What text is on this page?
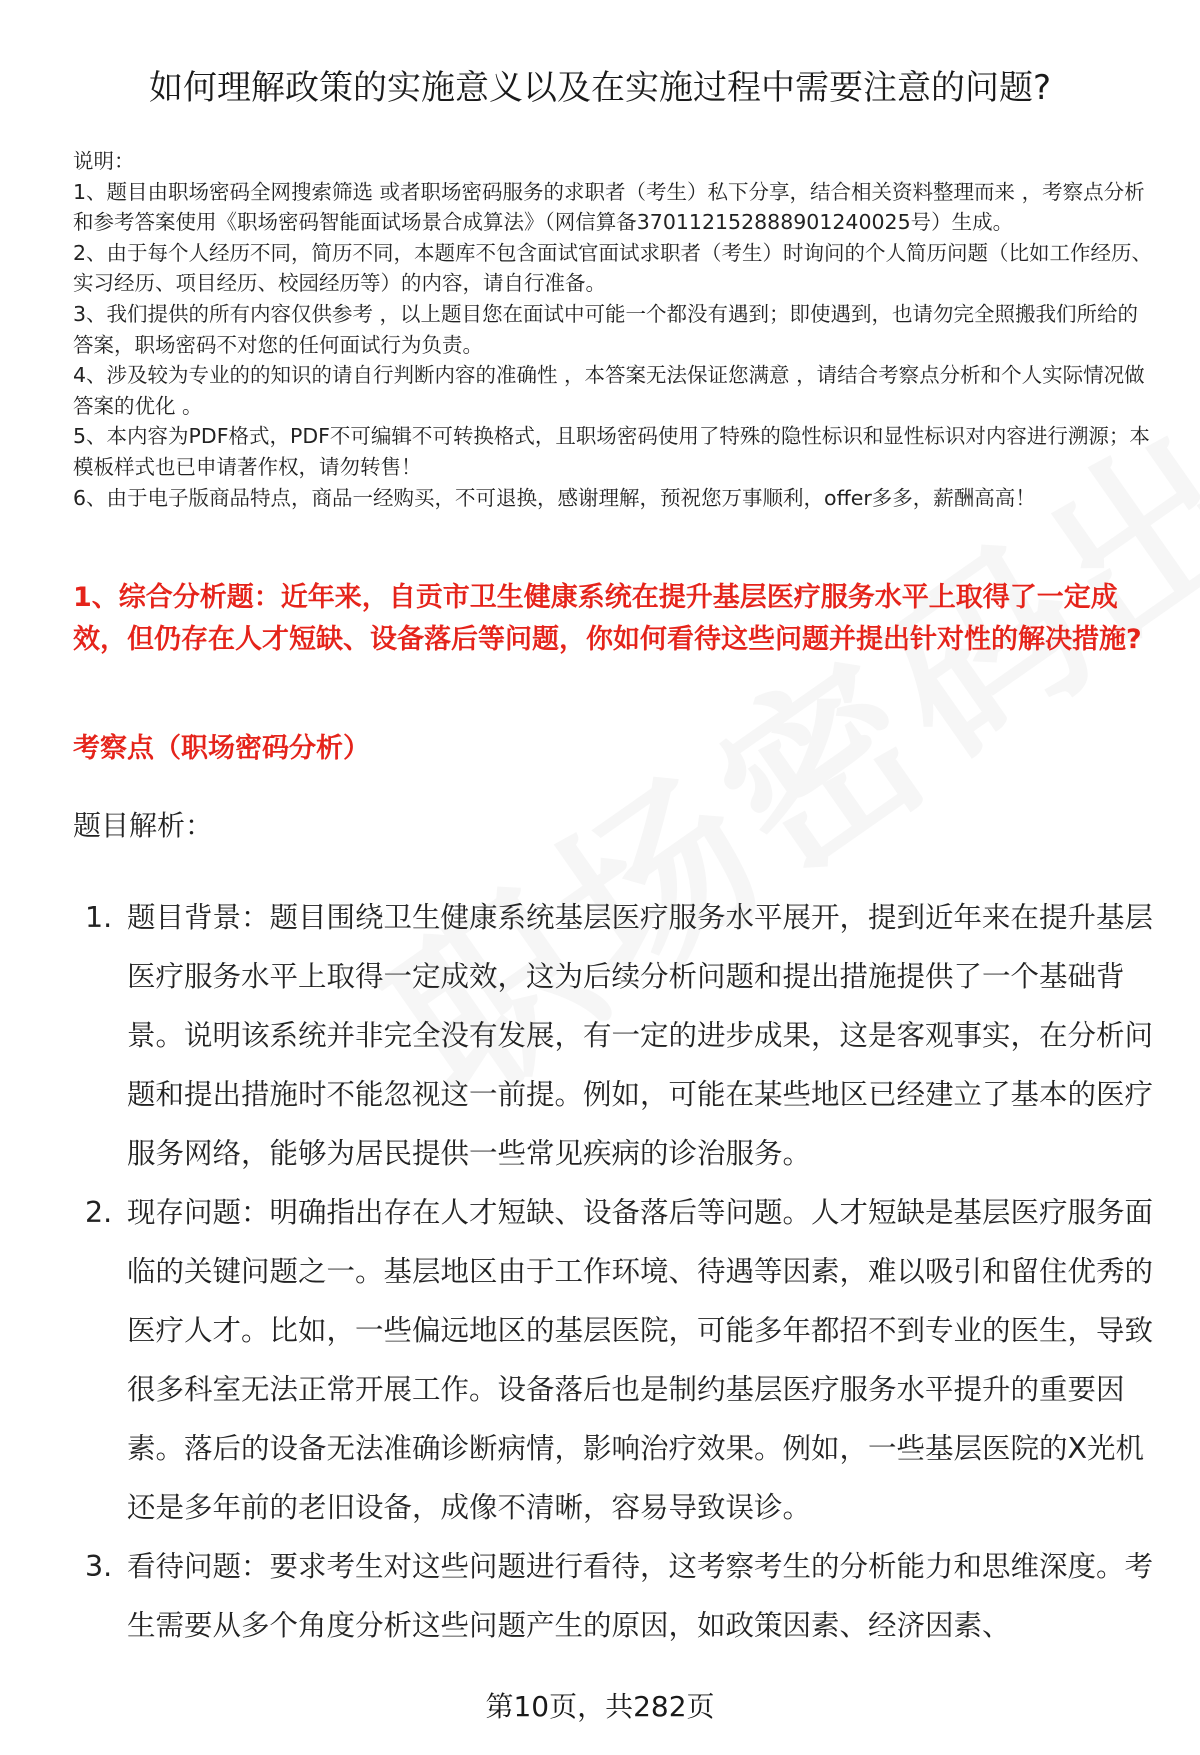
如何理解政策的实施意义以及在实施过程中需要注意的问题?

说明：

1、题目由职场密码全网搜索筛选 或者职场密码服务的求职者（考生）私下分享，结合相关资料整理而来 ，考察点分析和参考答案使用《职场密码智能面试场景合成算法》（网信算备370112152888901240025号）生成。

2、由于每个人经历不同，简历不同，本题库不包含面试官面试求职者（考生）时询问的个人简历问题（比如工作经历、实习经历、项目经历、校园经历等）的内容，请自行准备。

3、我们提供的所有内容仅供参考 ，以上题目您在面试中可能一个都没有遇到；即使遇到，也请勿完全照搬我们所给的答案，职场密码不对您的任何面试行为负责。

4、涉及较为专业的的知识的请自行判断内容的准确性 ，本答案无法保证您满意 ，请结合考察点分析和个人实际情况做答案的优化 。

5、本内容为PDF格式，PDF不可编辑不可转换格式，且职场密码使用了特殊的隐性标识和显性标识对内容进行溯源；本模板样式也已申请著作权，请勿转售！

6、由于电子版商品特点，商品一经购买，不可退换，感谢理解，预祝您万事顺利，offer多多，薪酬高高！

1、综合分析题：近年来，自贡市卫生健康系统在提升基层医疗服务水平上取得了一定成效，但仍存在人才短缺、设备落后等问题，你如何看待这些问题并提出针对性的解决措施?
考察点（职场密码分析）

题目解析：

1. 题目背景：题目围绕卫生健康系统基层医疗服务水平展开，提到近年来在提升基层医疗服务水平上取得一定成效，这为后续分析问题和提出措施提供了一个基础背景。说明该系统并非完全没有发展，有一定的进步成果，这是客观事实，在分析问题和提出措施时不能忽视这一前提。例如，可能在某些地区已经建立了基本的医疗服务网络，能够为居民提供一些常见疾病的诊治服务。
2. 现存问题：明确指出存在人才短缺、设备落后等问题。人才短缺是基层医疗服务面临的关键问题之一。基层地区由于工作环境、待遇等因素，难以吸引和留住优秀的医疗人才。比如，一些偏远地区的基层医院，可能多年都招不到专业的医生，导致很多科室无法正常开展工作。设备落后也是制约基层医疗服务水平提升的重要因素。落后的设备无法准确诊断病情，影响治疗效果。例如，一些基层医院的X光机还是多年前的老旧设备，成像不清晰，容易导致误诊。
3. 看待问题：要求考生对这些问题进行看待，这考察考生的分析能力和思维深度。考生需要从多个角度分析这些问题产生的原因，如政策因素、经济因素、
第10页，共282页
